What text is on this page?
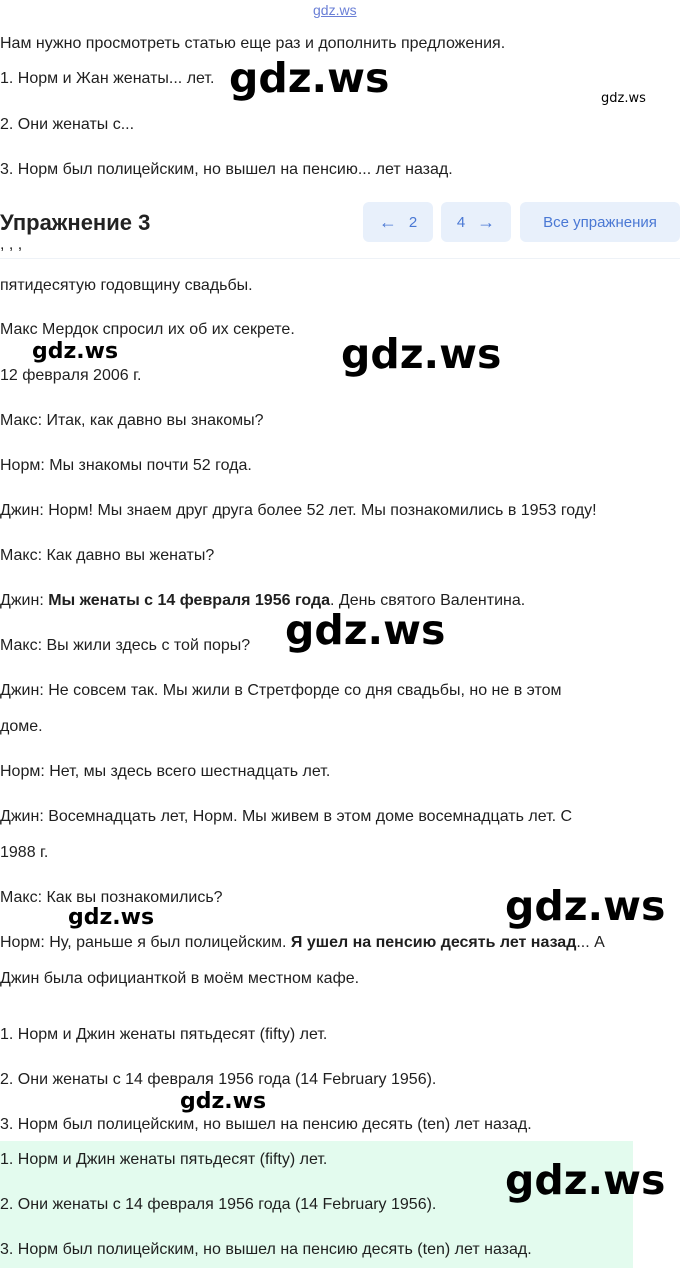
gdz.ws
Нам нужно просмотреть статью еще раз и дополнить предложения.
1. Норм и Жан женаты... лет.
2. Они женаты с...
3. Норм был полицейским, но вышел на пенсию... лет назад.
Упражнение 3	← 2	4 →	Все упражнения
, , ,
пятидесятую годовщину свадьбы.
Макс Мердок спросил их об их секрете.
12 февраля 2006 г.
Макс: Итак, как давно вы знакомы?
Норм: Мы знакомы почти 52 года.
Джин: Норм! Мы знаем друг друга более 52 лет. Мы познакомились в 1953 году!
Макс: Как давно вы женаты?
Джин: Мы женаты с 14 февраля 1956 года. День святого Валентина.
Макс: Вы жили здесь с той поры?
Джин: Не совсем так. Мы жили в Стретфорде со дня свадьбы, но не в этом
доме.
Норм: Нет, мы здесь всего шестнадцать лет.
Джин: Восемнадцать лет, Норм. Мы живем в этом доме восемнадцать лет. С
1988 г.
Макс: Как вы познакомились?
Норм: Ну, раньше я был полицейским. Я ушел на пенсию десять лет назад... А
Джин была официанткой в моём местном кафе.
1. Норм и Джин женаты пятьдесят (fifty) лет.
2. Они женаты с 14 февраля 1956 года (14 February 1956).
3. Норм был полицейским, но вышел на пенсию десять (ten) лет назад.
1. Норм и Джин женаты пятьдесят (fifty) лет.
2. Они женаты с 14 февраля 1956 года (14 February 1956).
3. Норм был полицейским, но вышел на пенсию десять (ten) лет назад.
gdz.ws	gdz.ws
gdz.ws
gdz.ws
gdz.ws
gdz.ws
gdz.ws
gdz.ws
gdz.ws
